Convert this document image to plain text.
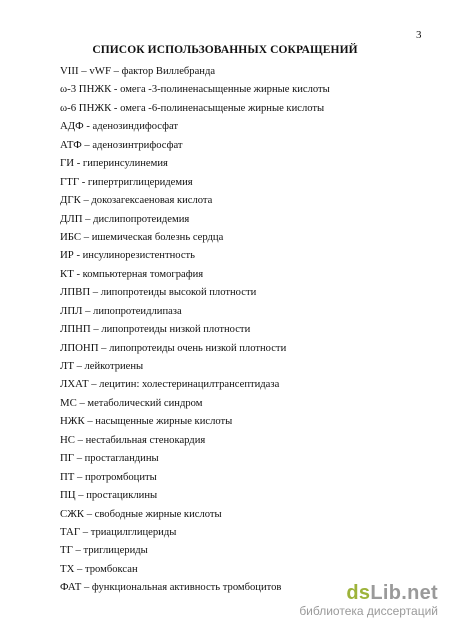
3
СПИСОК ИСПОЛЬЗОВАННЫХ СОКРАЩЕНИЙ
VIII – vWF – фактор Виллебранда
ω-3 ПНЖК - омега -3-полиненасыщенные жирные кислоты
ω-6 ПНЖК - омега -6-полиненасыщеные жирные кислоты
АДФ - аденозиндифосфат
АТФ – аденозинтрифосфат
ГИ - гиперинсулинемия
ГТГ - гипертриглицеридемия
ДГК – докозагексаеновая кислота
ДЛП – дислипопротеидемия
ИБС – ишемическая болезнь сердца
ИР - инсулинорезистентность
КТ - компьютерная томография
ЛПВП – липопротеиды высокой плотности
ЛПЛ – липопротеидлипаза
ЛПНП – липопротеиды низкой плотности
ЛПОНП – липопротеиды очень низкой плотности
ЛТ – лейкотриены
ЛХАТ – лецитин: холестеринацилтрансептидаза
МС – метаболический синдром
НЖК – насыщенные жирные кислоты
НС – нестабильная стенокардия
ПГ – простагландины
ПТ – протромбоциты
ПЦ – простациклины
СЖК – свободные жирные кислоты
ТАГ – триацилглицериды
ТГ – триглицериды
ТХ – тромбоксан
ФАТ – функциональная активность тромбоцитов	dsLib.net
библиотека диссертаций
